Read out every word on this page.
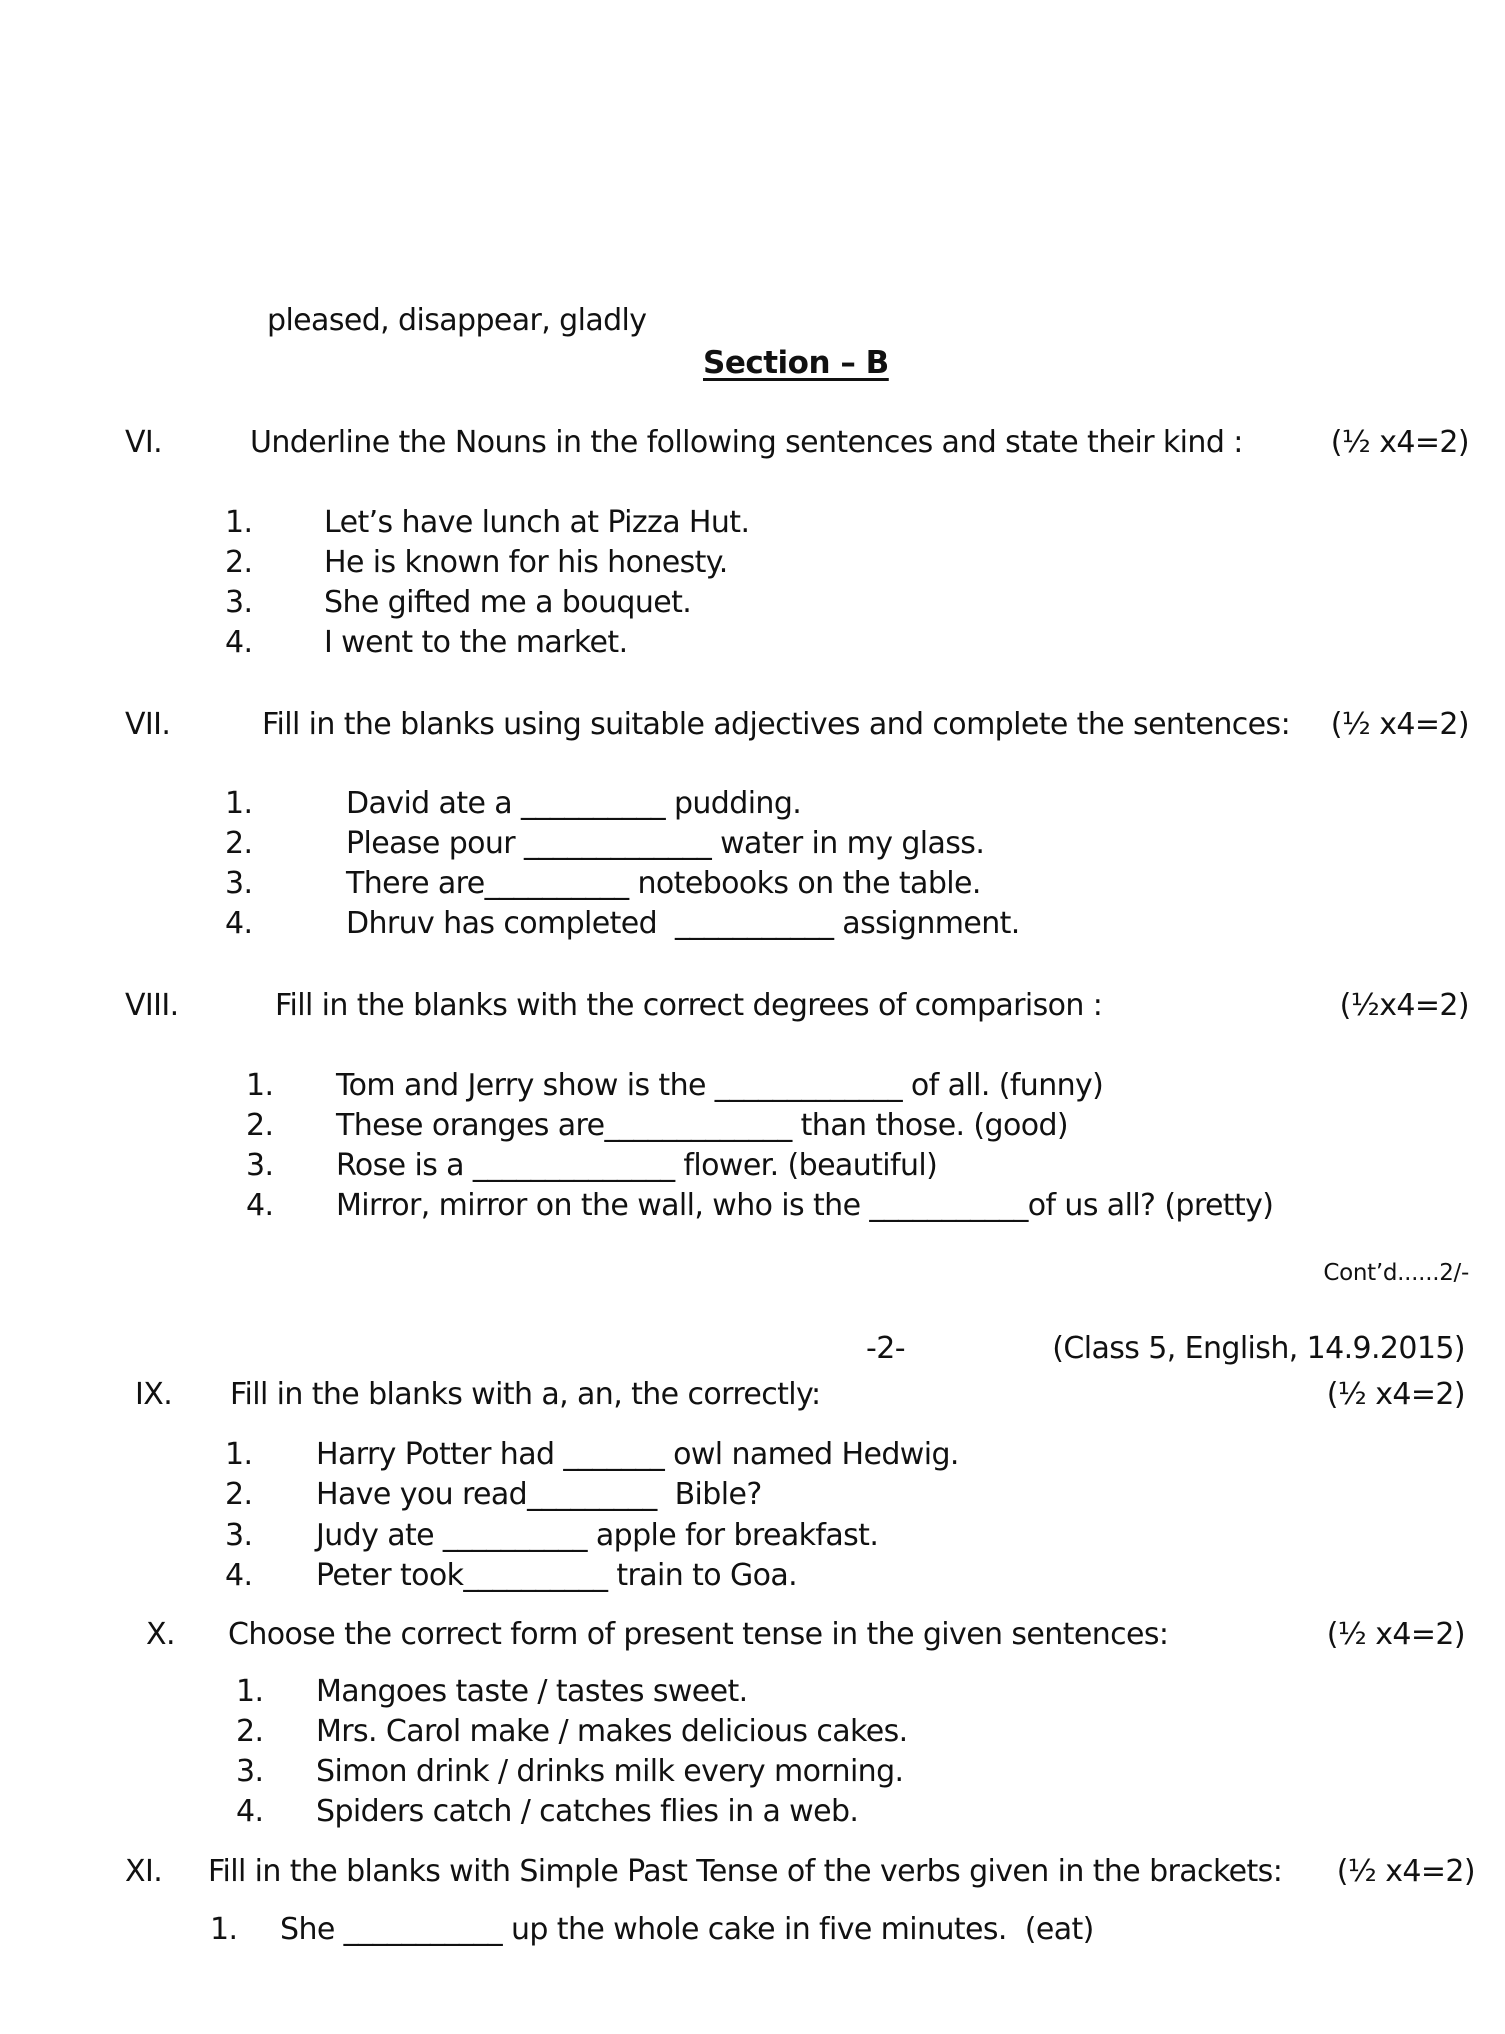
pleased, disappear, gladly
Section – B
VI.	Underline the Nouns in the following sentences and state their kind :	(½ x4=2)
1. Let’s have lunch at Pizza Hut.
2. He is known for his honesty.
3. She gifted me a bouquet.
4. I went to the market.
VII.	Fill in the blanks using suitable adjectives and complete the sentences: (½ x4=2)
1.	David ate a __________ pudding.
2.	Please pour _____________ water in my glass.
3.	There are__________ notebooks on the table.
4.	Dhruv has completed  ___________ assignment.
VIII.	Fill in the blanks with the correct degrees of comparison :	(½x4=2)
1. Tom and Jerry show is the _____________ of all. (funny)
2. These oranges are_____________ than those. (good)
3. Rose is a ______________ flower. (beautiful)
4. Mirror, mirror on the wall, who is the ___________of us all? (pretty)
Cont’d......2/-
-2-	(Class 5, English, 14.9.2015)
IX. Fill in the blanks with a, an, the correctly:	(½ x4=2)
1. Harry Potter had _______ owl named Hedwig.
2. Have you read_________  Bible?
3. Judy ate __________ apple for breakfast.
4. Peter took__________ train to Goa.
X. Choose the correct form of present tense in the given sentences:	(½ x4=2)
1. Mangoes taste / tastes sweet.
2. Mrs. Carol make / makes delicious cakes.
3. Simon drink / drinks milk every morning.
4. Spiders catch / catches flies in a web.
XI. Fill in the blanks with Simple Past Tense of the verbs given in the brackets: (½ x4=2)
1. She ___________ up the whole cake in five minutes.  (eat)
